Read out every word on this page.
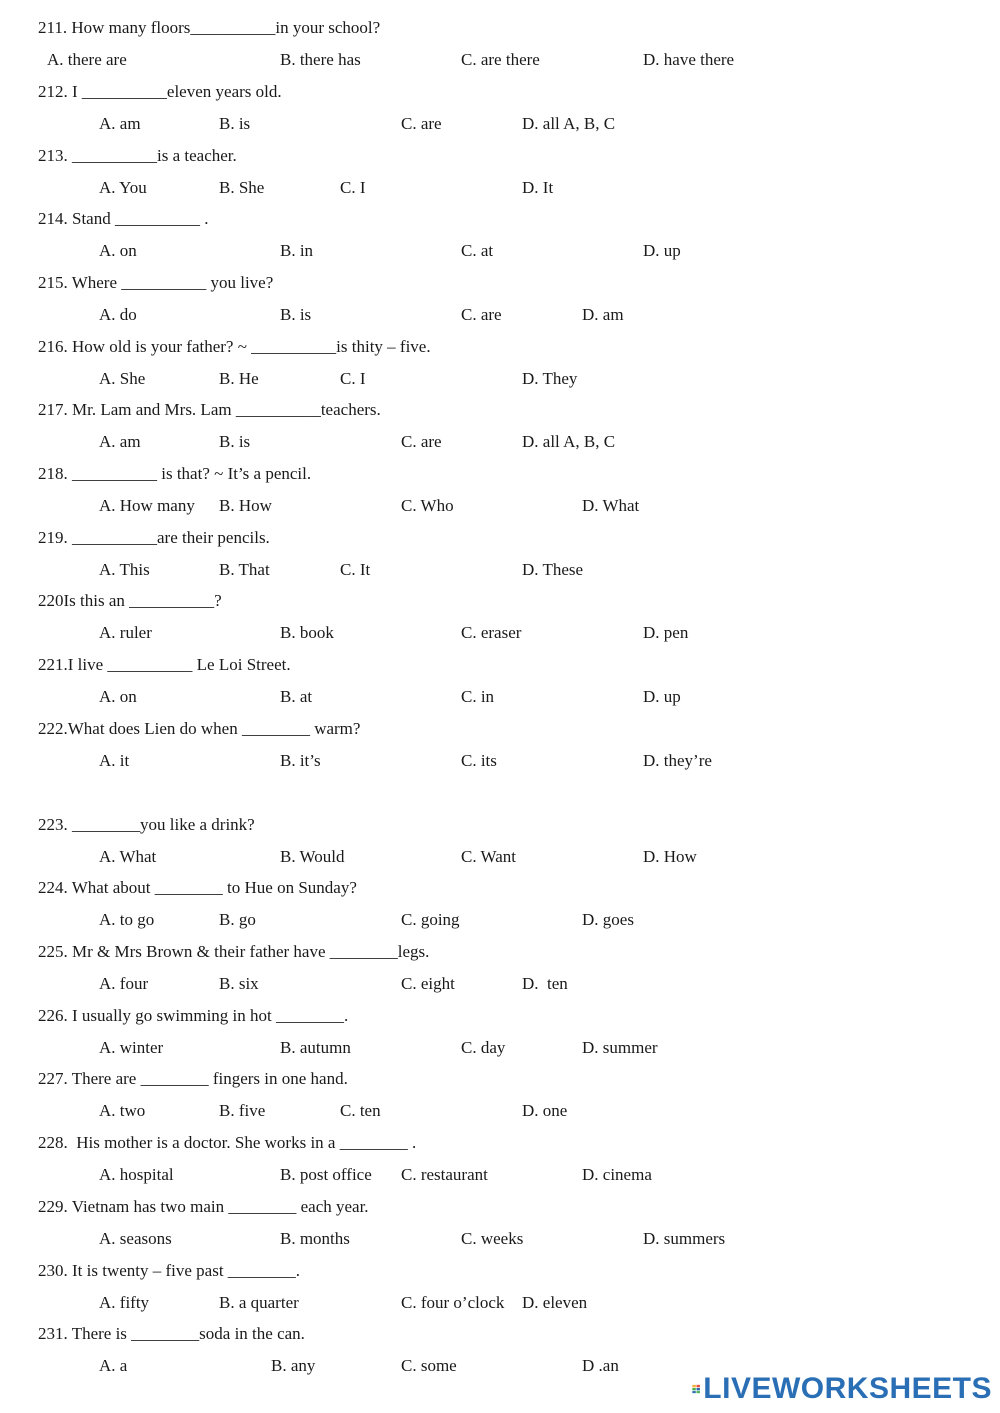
211. How many floors__________in your school?
A. there are	B. there has	C. are there	D. have there
212. I __________eleven years old.
A. am	B. is	C. are	D. all A, B, C
213. __________is a teacher.
A. You	B. She	C. I	D. It
214. Stand __________ .
A. on	B. in	C. at	D. up
215. Where __________ you live?
A. do	B. is	C. are	D. am
216. How old is your father? ~ __________is thity – five.
A. She	B. He	C. I	D. They
217. Mr. Lam and Mrs. Lam __________teachers.
A. am	B. is	C. are	D. all A, B, C
218. __________ is that? ~ It’s a pencil.
A. How many B. How	C. Who	D. What
219. __________are their pencils.
A. This	B. That	C. It	D. These
220Is this an __________?
A. ruler	B. book	C. eraser	D. pen
221.I live __________ Le Loi Street.
A. on	B. at	C. in	D. up
222.What does Lien do when ________ warm?
A. it	B. it’s	C. its	D. they’re
223. ________you like a drink?
A. What	B. Would	C. Want	D. How
224. What about ________ to Hue on Sunday?
A. to go	B. go	C. going	D. goes
225. Mr & Mrs Brown & their father have ________legs.
A. four	B. six	C. eight	D.  ten
226. I usually go swimming in hot ________.
A. winter	B. autumn	C. day	D. summer
227. There are ________ fingers in one hand.
A. two	B. five	C. ten	D. one
228.  His mother is a doctor. She works in a ________ .
A. hospital	B. post office C. restaurant	D. cinema
229. Vietnam has two main ________ each year.
A. seasons	B. months	C. weeks	D. summers
230. It is twenty – five past ________.
A. fifty	B. a quarter	C. four o’clock D. eleven
231. There is ________soda in the can.
A. a	B. any	C. some	D .an
LIVEWORKSHEETS
